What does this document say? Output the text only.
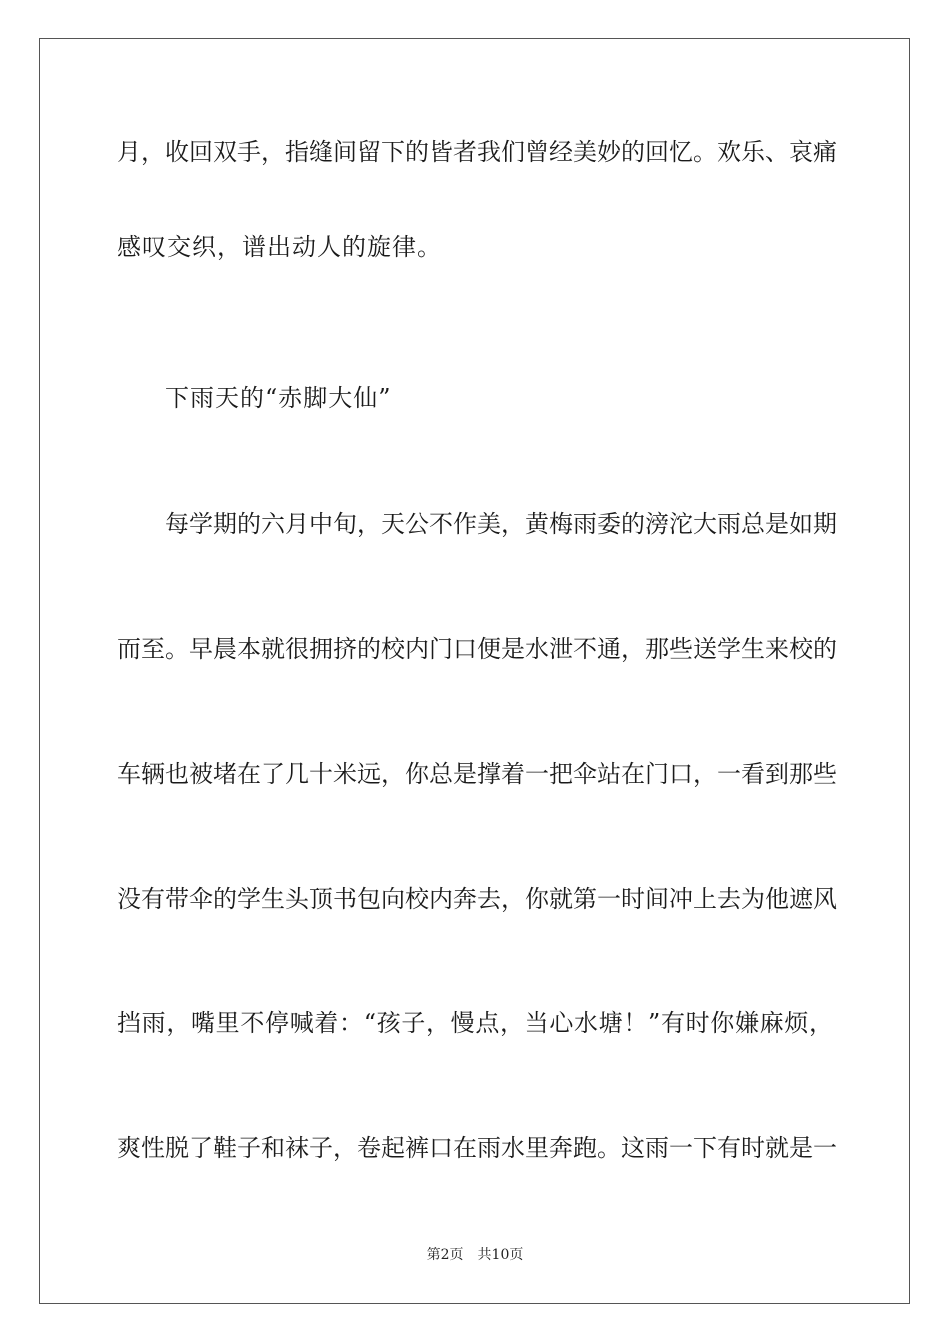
月，收回双手，指缝间留下的皆者我们曾经美妙的回忆。欢乐、哀痛
感叹交织，谱出动人的旋律。
下雨天的“赤脚大仙”
每学期的六月中旬，天公不作美，黄梅雨委的滂沱大雨总是如期
而至。早晨本就很拥挤的校内门口便是水泄不通，那些送学生来校的
车辆也被堵在了几十米远，你总是撑着一把伞站在门口，一看到那些
没有带伞的学生头顶书包向校内奔去，你就第一时间冲上去为他遮风
挡雨，嘴里不停喊着：“孩子，慢点，当心水塘！”有时你嫌麻烦，
爽性脱了鞋子和袜子，卷起裤口在雨水里奔跑。这雨一下有时就是一
第2页 共10页
